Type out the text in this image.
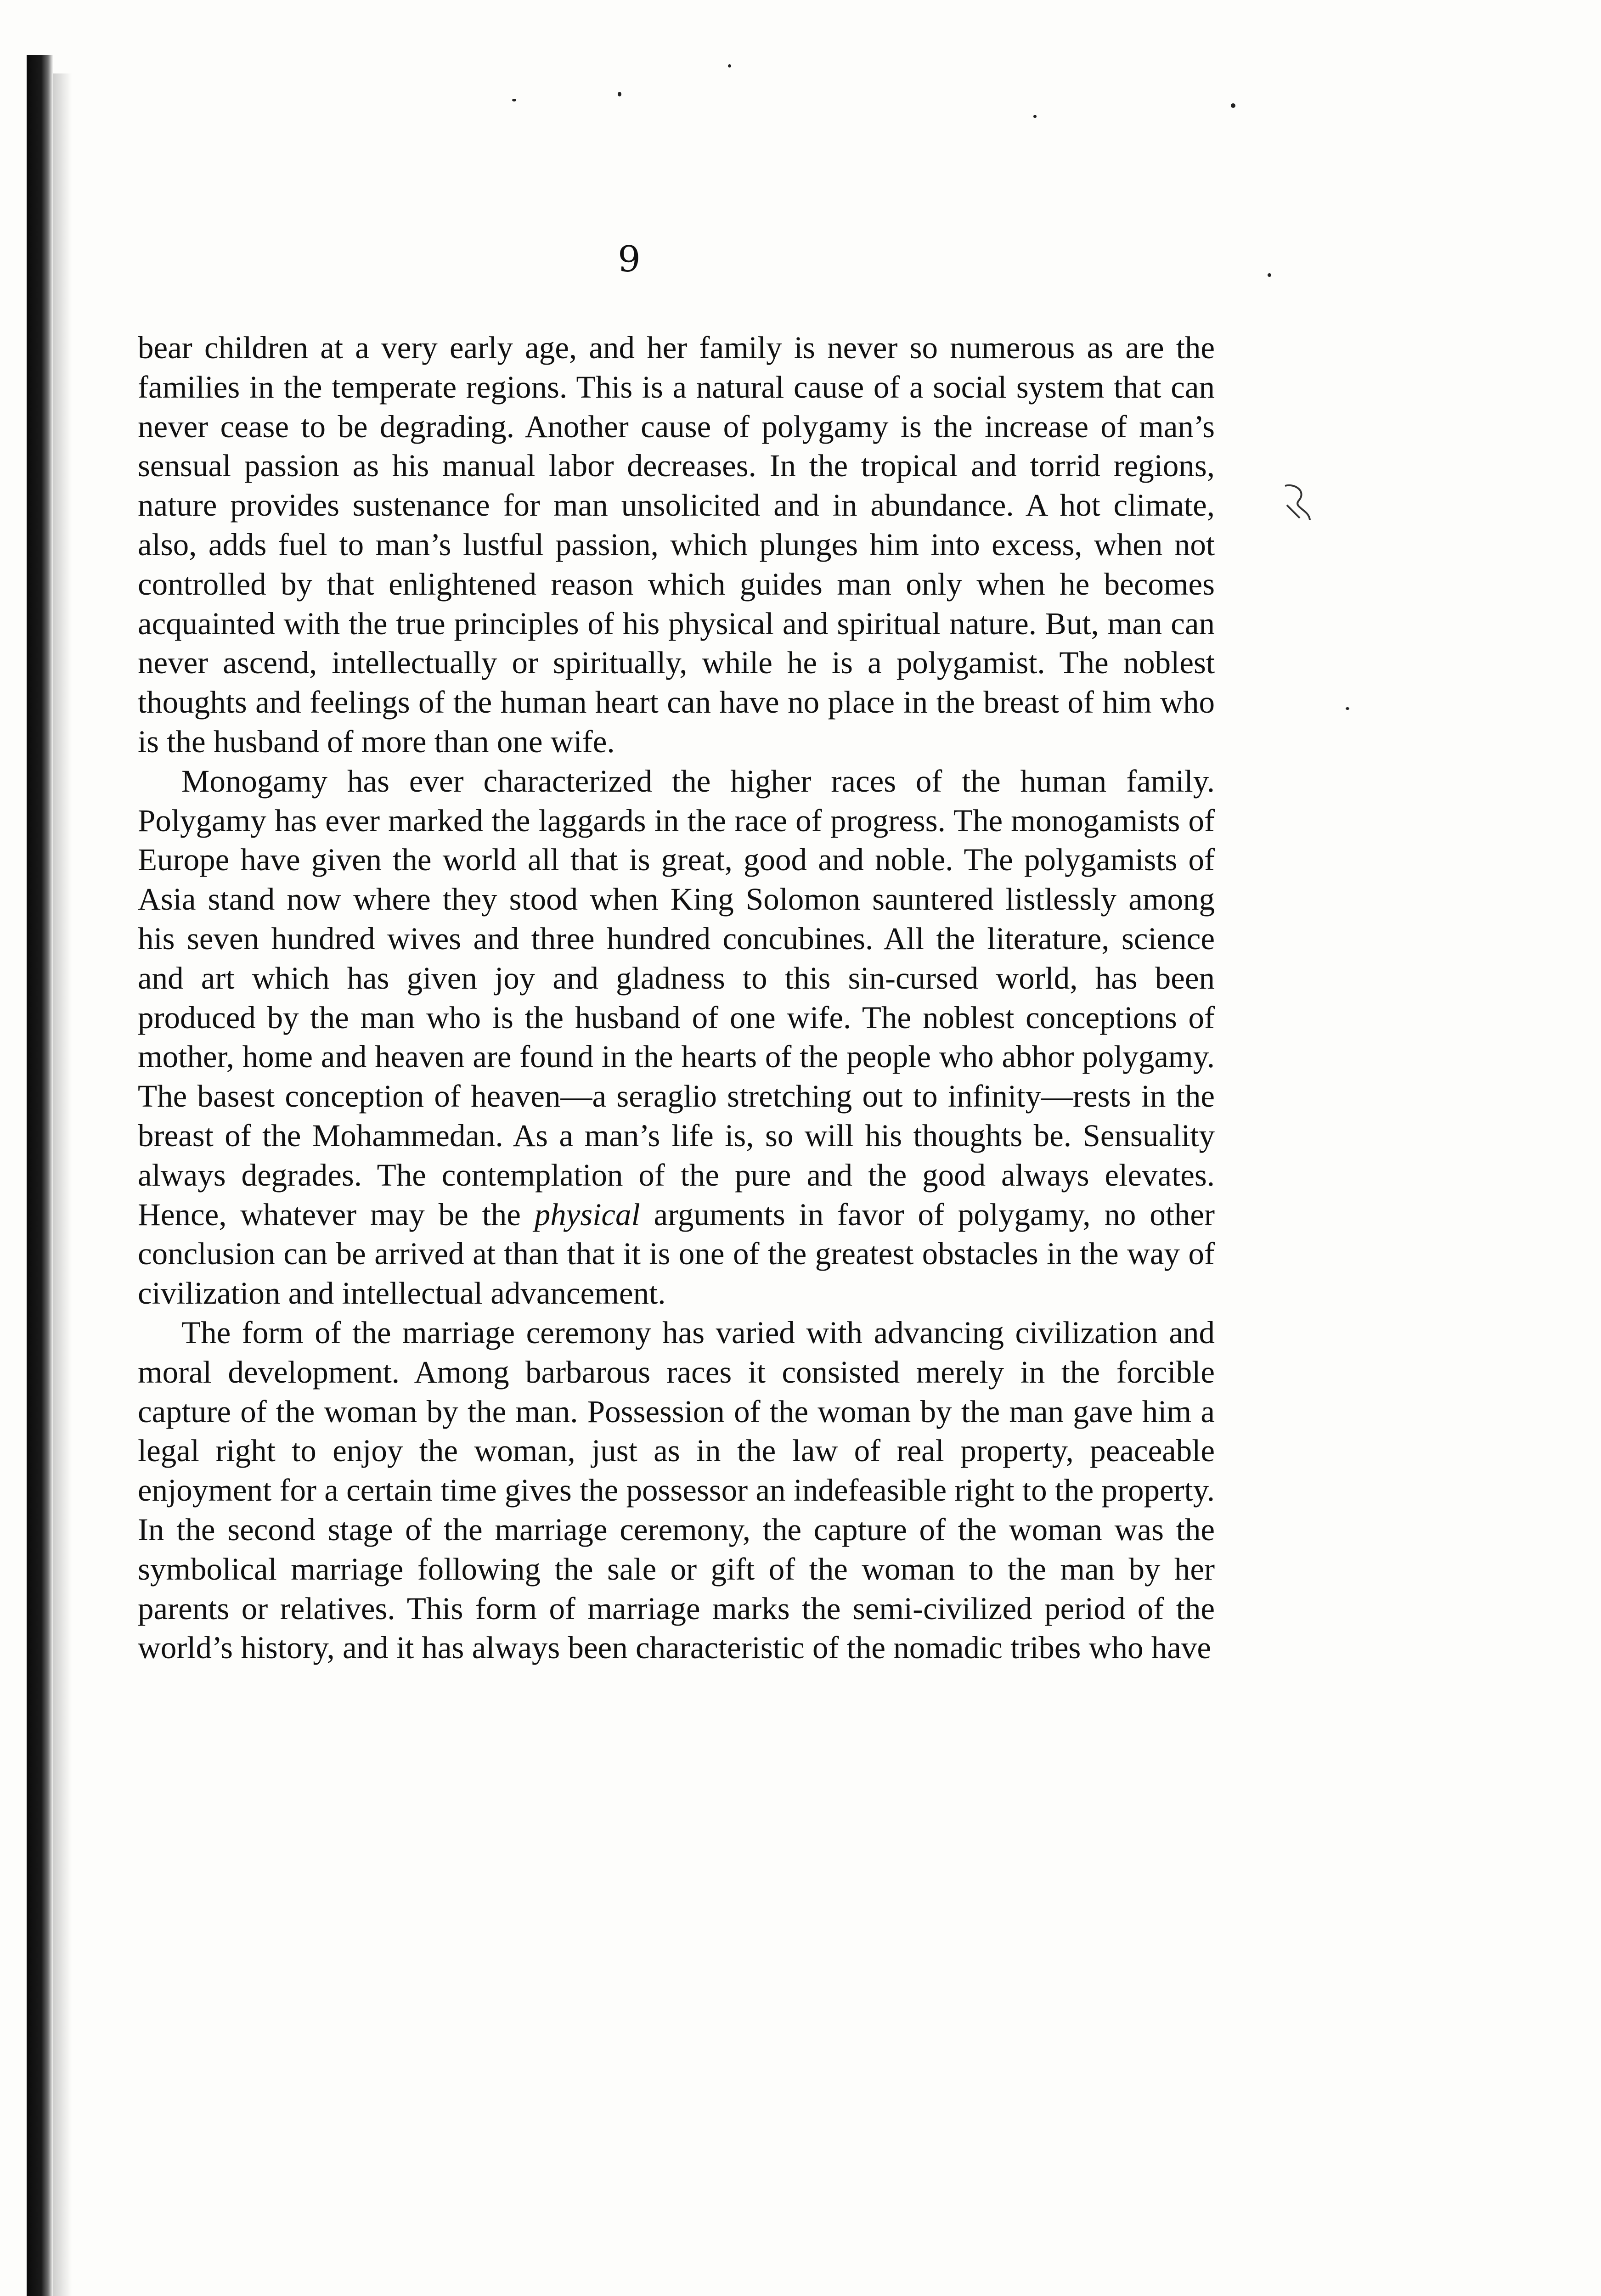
9

bear children at a very early age, and her family is never so numerous as are the families in the temperate regions. This is a natural cause of a social system that can never cease to be degrading. Another cause of polygamy is the increase of man’s sensual passion as his manual labor decreases. In the tropical and torrid regions, nature provides sustenance for man unsolicited and in abundance. A hot climate, also, adds fuel to man’s lustful passion, which plunges him into excess, when not controlled by that enlightened reason which guides man only when he becomes acquainted with the true principles of his physical and spiritual nature. But, man can never ascend, intellectually or spiritually, while he is a polygamist. The noblest thoughts and feelings of the human heart can have no place in the breast of him who is the husband of more than one wife.

Monogamy has ever characterized the higher races of the human family. Polygamy has ever marked the laggards in the race of progress. The monogamists of Europe have given the world all that is great, good and noble. The polygamists of Asia stand now where they stood when King Solomon sauntered listlessly among his seven hundred wives and three hundred concubines. All the literature, science and art which has given joy and gladness to this sin-cursed world, has been produced by the man who is the husband of one wife. The noblest conceptions of mother, home and heaven are found in the hearts of the people who abhor polygamy. The basest conception of heaven—a seraglio stretching out to infinity—rests in the breast of the Mohammedan. As a man’s life is, so will his thoughts be. Sensuality always degrades. The contemplation of the pure and the good always elevates. Hence, whatever may be the physical arguments in favor of polygamy, no other conclusion can be arrived at than that it is one of the greatest obstacles in the way of civilization and intellectual advancement.

The form of the marriage ceremony has varied with advancing civilization and moral development. Among barbarous races it consisted merely in the forcible capture of the woman by the man. Possession of the woman by the man gave him a legal right to enjoy the woman, just as in the law of real property, peaceable enjoyment for a certain time gives the possessor an indefeasible right to the property. In the second stage of the marriage ceremony, the capture of the woman was the symbolical marriage following the sale or gift of the woman to the man by her parents or relatives. This form of marriage marks the semi-civilized period of the world’s history, and it has always been characteristic of the nomadic tribes who have
